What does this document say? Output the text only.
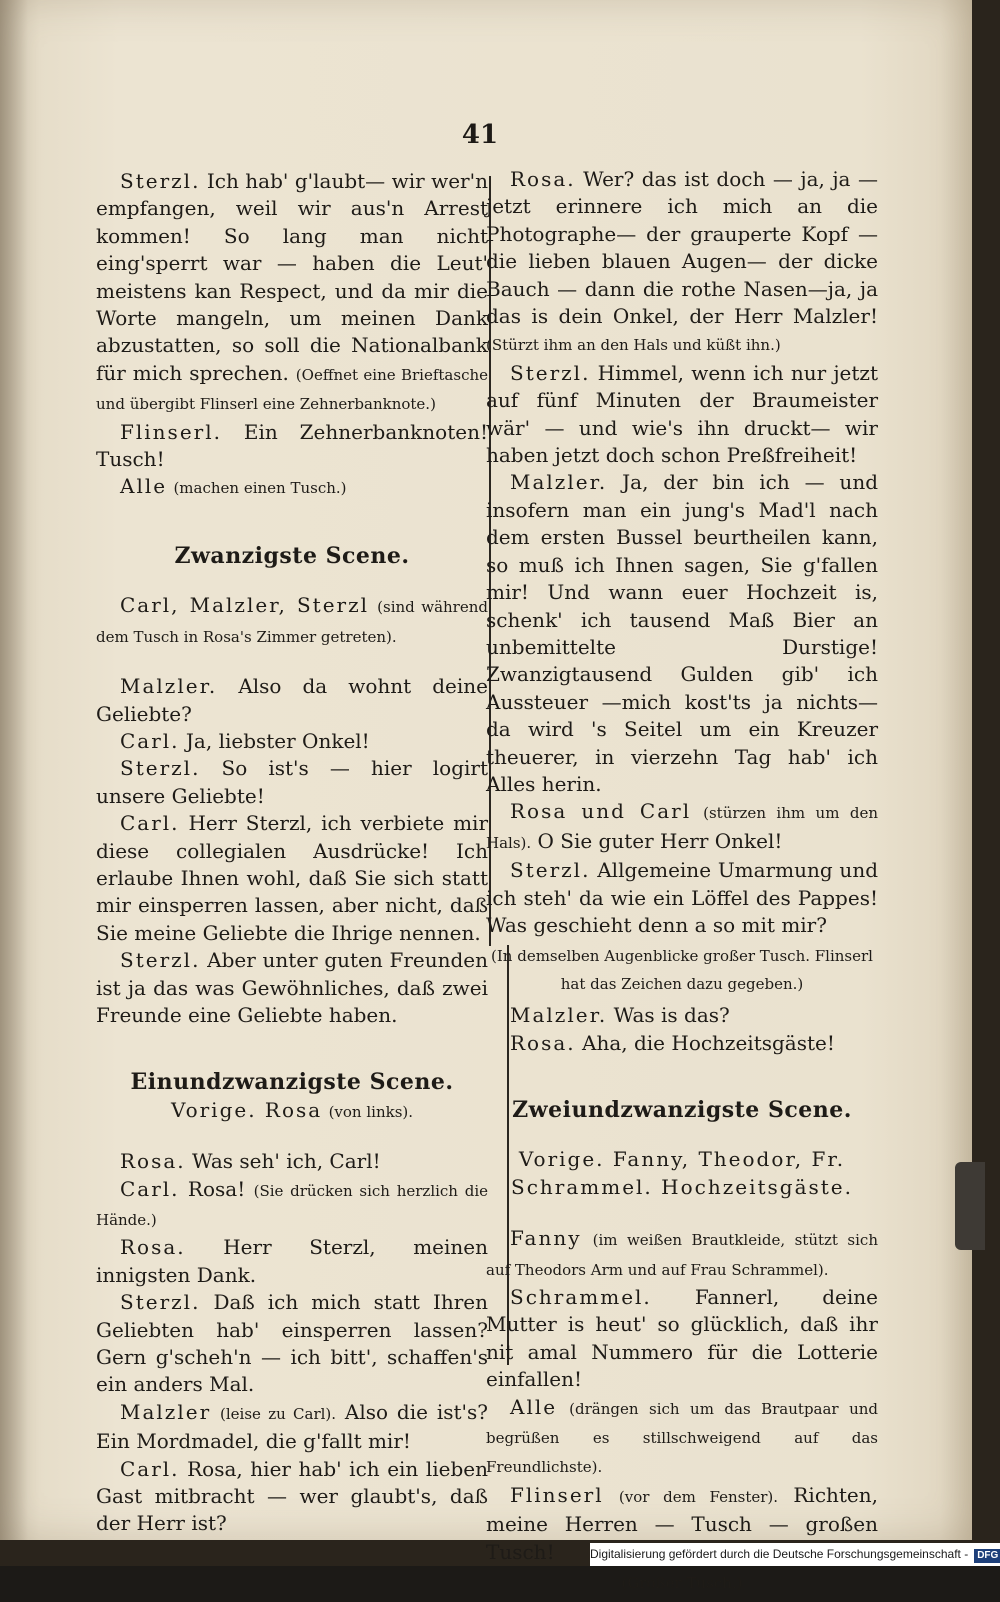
41

Sterzl. Ich hab' g'laubt— wir wer'n empfangen, weil wir aus'n Arrest kommen! So lang man nicht eing'sperrt war — haben die Leut' meistens kan Respect, und da mir die Worte mangeln, um meinen Dank abzustatten, so soll die Nationalbank für mich sprechen. (Oeffnet eine Brieftasche und übergibt Flinserl eine Zehnerbanknote.)

Flinserl. Ein Zehnerbanknoten! Tusch!

Alle (machen einen Tusch.)

Zwanzigste Scene.

Carl, Malzler, Sterzl (sind während dem Tusch in Rosa's Zimmer getreten).

Malzler. Also da wohnt deine Geliebte?

Carl. Ja, liebster Onkel!

Sterzl. So ist's — hier logirt unsere Geliebte!

Carl. Herr Sterzl, ich verbiete mir diese collegialen Ausdrücke! Ich erlaube Ihnen wohl, daß Sie sich statt mir einsperren lassen, aber nicht, daß Sie meine Geliebte die Ihrige nennen.

Sterzl. Aber unter guten Freunden ist ja das was Gewöhnliches, daß zwei Freunde eine Geliebte haben.

Einundzwanzigste Scene.

Vorige. Rosa (von links).

Rosa. Was seh' ich, Carl!

Carl. Rosa! (Sie drücken sich herzlich die Hände.)

Rosa. Herr Sterzl, meinen innigsten Dank.

Sterzl. Daß ich mich statt Ihren Geliebten hab' einsperren lassen? Gern g'scheh'n — ich bitt', schaffen's ein anders Mal.

Malzler (leise zu Carl). Also die ist's? Ein Mordmadel, die g'fallt mir!

Carl. Rosa, hier hab' ich ein lieben Gast mitbracht — wer glaubt's, daß der Herr ist?

Rosa. Wer? das ist doch — ja, ja — jetzt erinnere ich mich an die Photographe— der grauperte Kopf — die lieben blauen Augen— der dicke Bauch — dann die rothe Nasen—ja, ja das is dein Onkel, der Herr Malzler! (Stürzt ihm an den Hals und küßt ihn.)

Sterzl. Himmel, wenn ich nur jetzt auf fünf Minuten der Braumeister wär' — und wie's ihn druckt— wir haben jetzt doch schon Preßfreiheit!

Malzler. Ja, der bin ich — und insofern man ein jung's Mad'l nach dem ersten Bussel beurtheilen kann, so muß ich Ihnen sagen, Sie g'fallen mir! Und wann euer Hochzeit is, schenk' ich tausend Maß Bier an unbemittelte Durstige! Zwanzigtausend Gulden gib' ich Aussteuer —mich kost'ts ja nichts— da wird 's Seitel um ein Kreuzer theuerer, in vierzehn Tag hab' ich Alles herin.

Rosa und Carl (stürzen ihm um den Hals). O Sie guter Herr Onkel!

Sterzl. Allgemeine Umarmung und ich steh' da wie ein Löffel des Pappes! Was geschieht denn a so mit mir?

(In demselben Augenblicke großer Tusch. Flinserl hat das Zeichen dazu gegeben.)

Malzler. Was is das?

Rosa. Aha, die Hochzeitsgäste!

Zweiundzwanzigste Scene.

Vorige. Fanny, Theodor, Fr. Schrammel. Hochzeitsgäste.

Fanny (im weißen Brautkleide, stützt sich auf Theodors Arm und auf Frau Schrammel).

Schrammel. Fannerl, deine Mutter is heut' so glücklich, daß ihr nit amal Nummero für die Lotterie einfallen!

Alle (drängen sich um das Brautpaar und begrüßen es stillschweigend auf das Freundlichste).

Flinserl (vor dem Fenster). Richten, meine Herren — Tusch — großen Tusch!

(Großer Tusch.)

Digitalisierung gefördert durch die Deutsche Forschungsgemeinschaft - DFG
